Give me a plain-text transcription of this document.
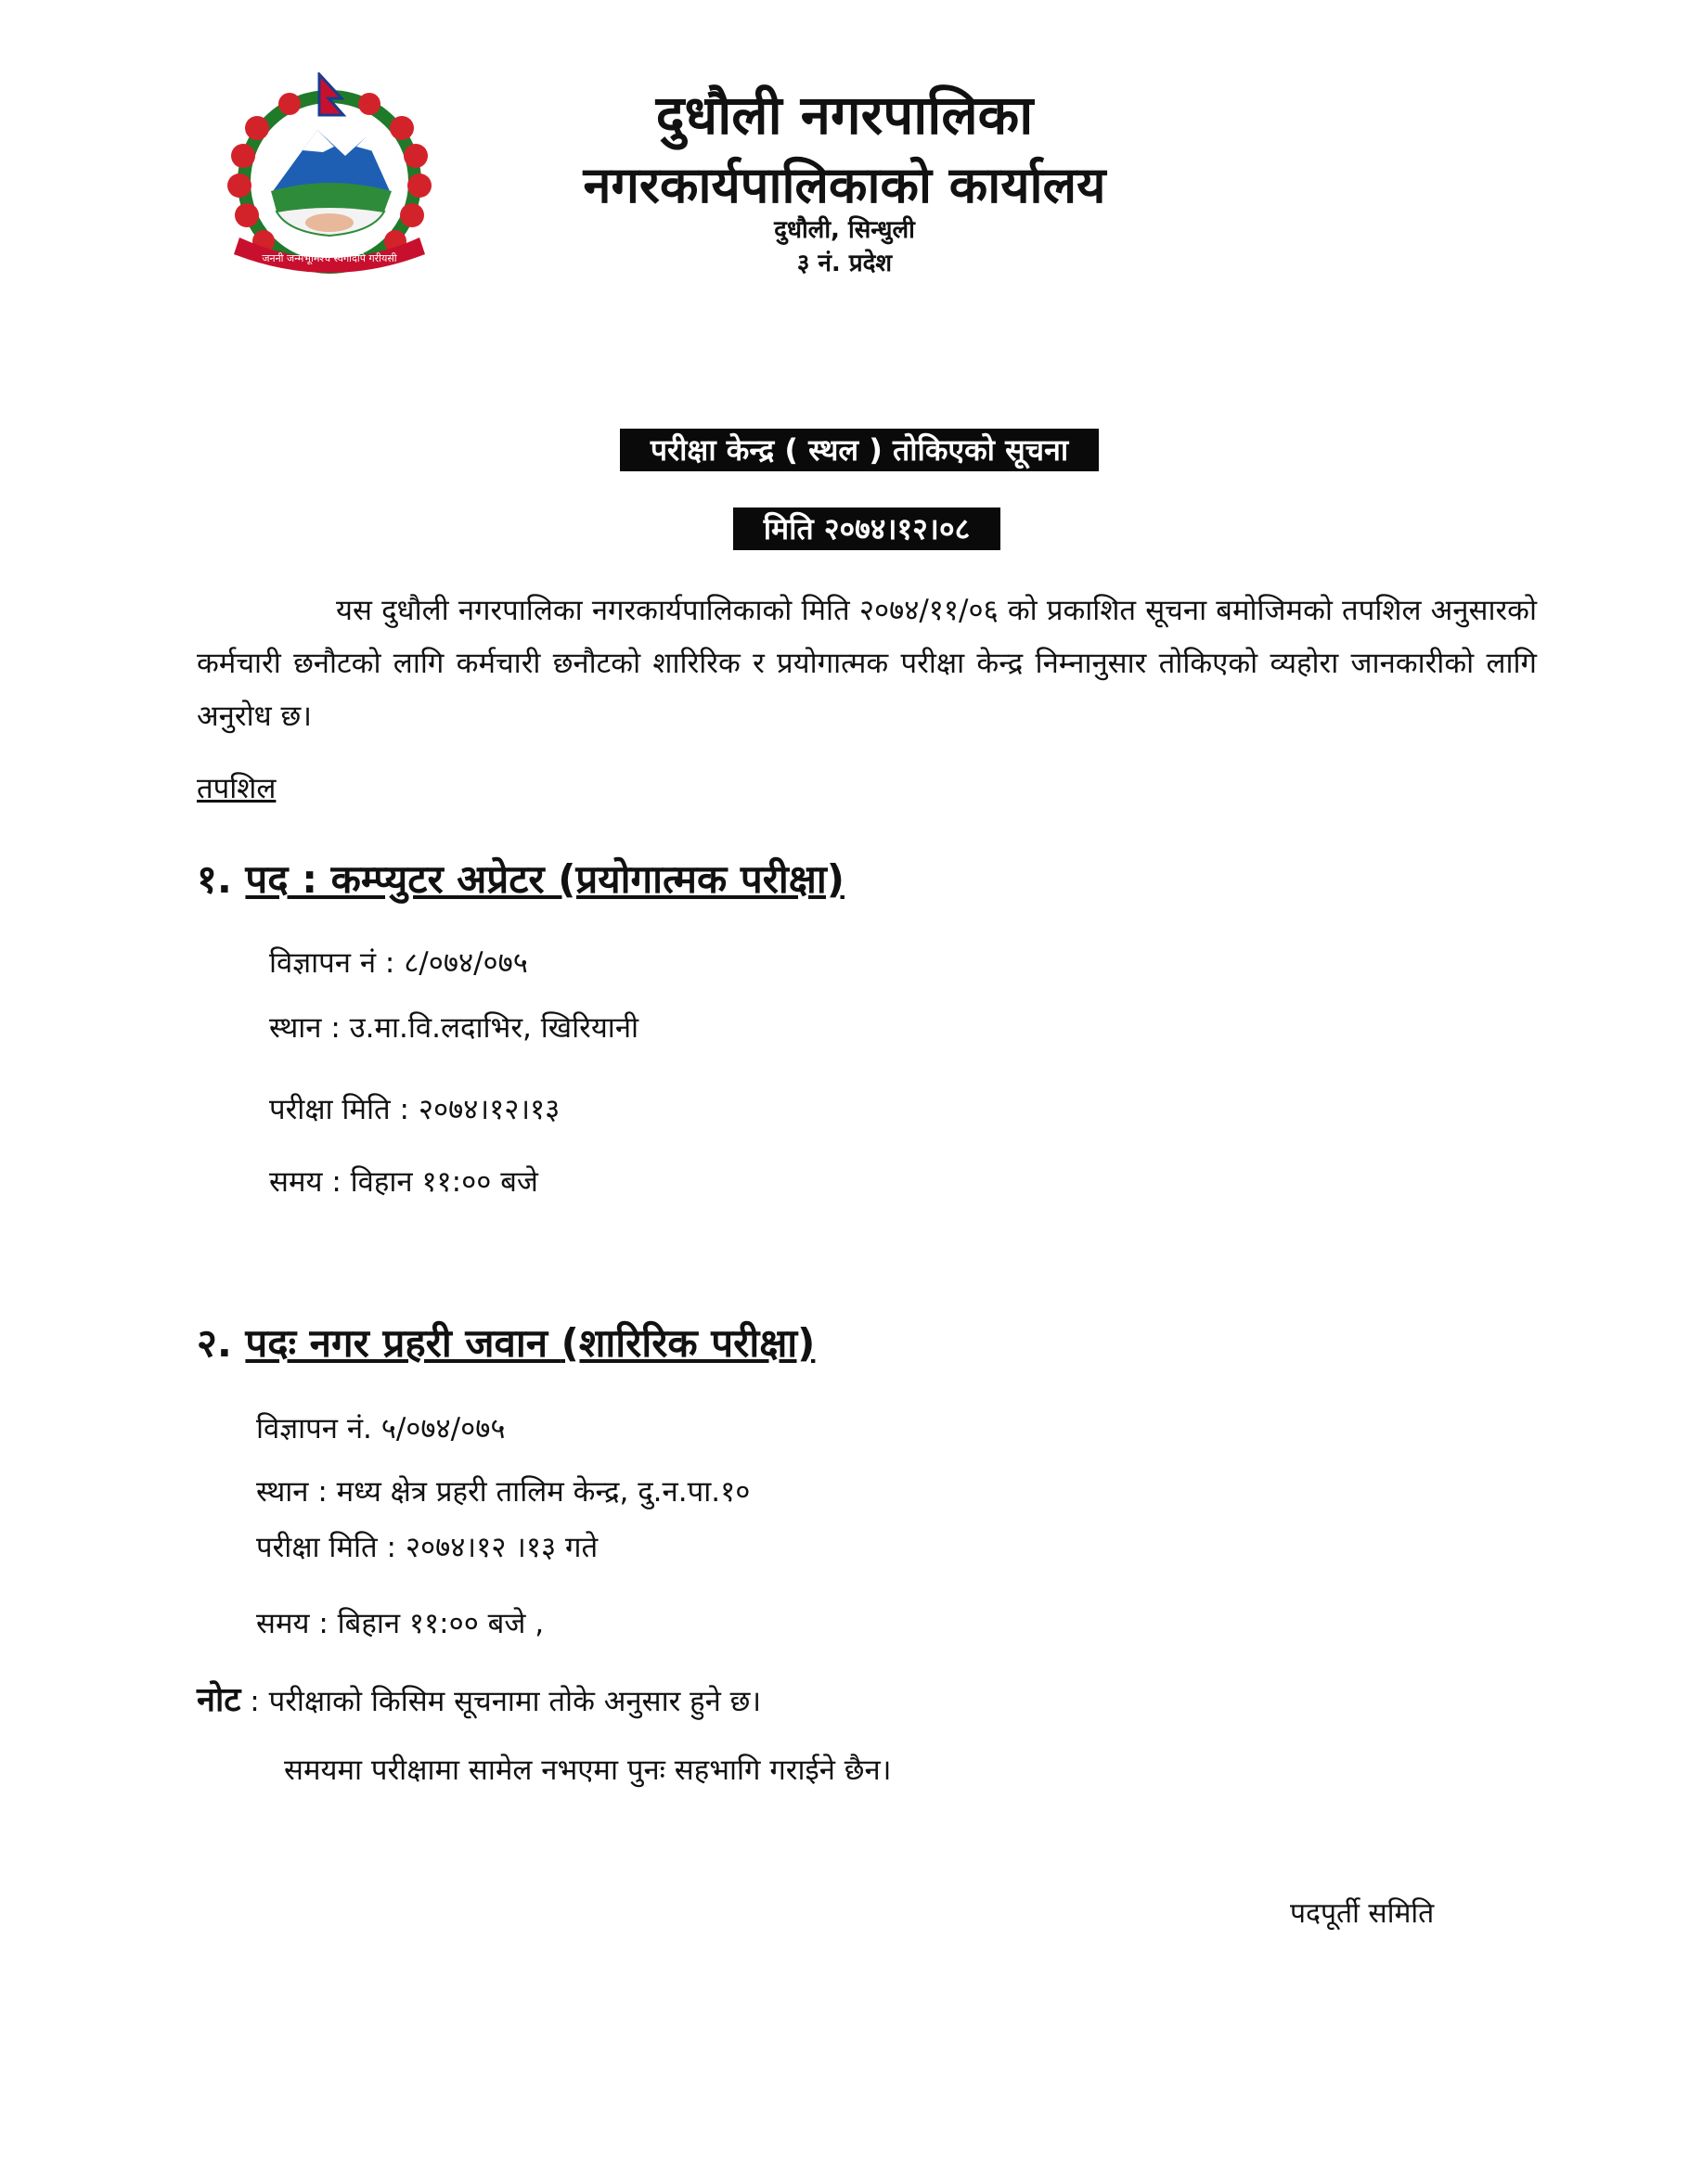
जननी जन्मभूमिश्च स्वर्गादपि गरीयसी
दुधौली नगरपालिका
नगरकार्यपालिकाको कार्यालय
दुधौली, सिन्धुली
३ नं. प्रदेश
परीक्षा केन्द्र ( स्थल ) तोकिएको सूचना
मिति २०७४।१२।०८
यस दुधौली नगरपालिका नगरकार्यपालिकाको मिति २०७४/११/०६ को प्रकाशित सूचना बमोजिमको तपशिल अनुसारको कर्मचारी छनौटको लागि कर्मचारी छनौटको शारिरिक र प्रयोगात्मक परीक्षा केन्द्र निम्नानुसार तोकिएको व्यहोरा जानकारीको लागि अनुरोध छ।
तपशिल
१. पद : कम्प्युटर अप्रेटर (प्रयोगात्मक परीक्षा)
विज्ञापन नं : ८/०७४/०७५
स्थान : उ.मा.वि.लदाभिर, खिरियानी
परीक्षा मिति : २०७४।१२।१३
समय : विहान ११:०० बजे
२. पदः नगर प्रहरी जवान (शारिरिक परीक्षा)
विज्ञापन नं. ५/०७४/०७५
स्थान : मध्य क्षेत्र प्रहरी तालिम केन्द्र, दु.न.पा.१०
परीक्षा मिति : २०७४।१२ ।१३ गते
समय : बिहान ११:०० बजे ,
नोट : परीक्षाको किसिम सूचनामा तोके अनुसार हुने छ।
समयमा परीक्षामा सामेल नभएमा पुनः सहभागि गराईने छैन।
पदपूर्ती समिति
